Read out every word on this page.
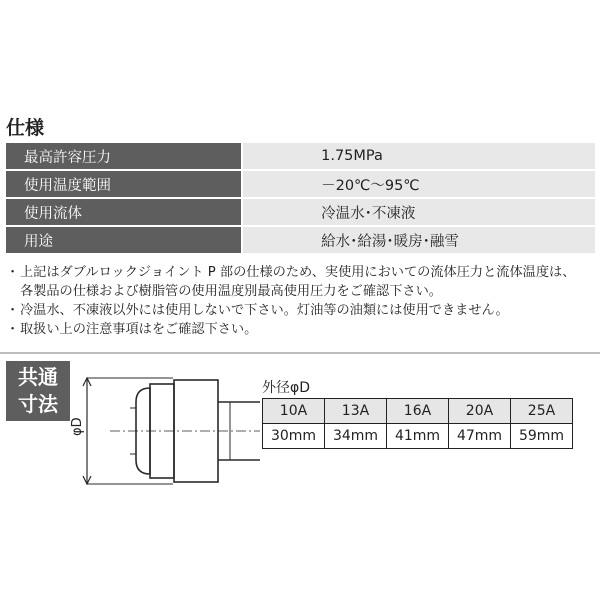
仕様
最高許容圧力	1.75MPa
使用温度範囲	－20℃～95℃
使用流体	冷温水･不凍液
用途	給水･給湯･暖房･融雪
・ 上記はダブルロックジョイント P 部の仕様のため、実使用においての流体圧力と流体温度は、
各製品の仕様および樹脂管の使用温度別最高使用圧力をご確認下さい。
・ 冷温水、不凍液以外には使用しないで下さい。灯油等の油類には使用できません。
・ 取扱い上の注意事項はをご確認下さい。
共通
寸法
φD
外径φD
10A	13A	16A	20A	25A
30mm	34mm	41mm	47mm	59mm
